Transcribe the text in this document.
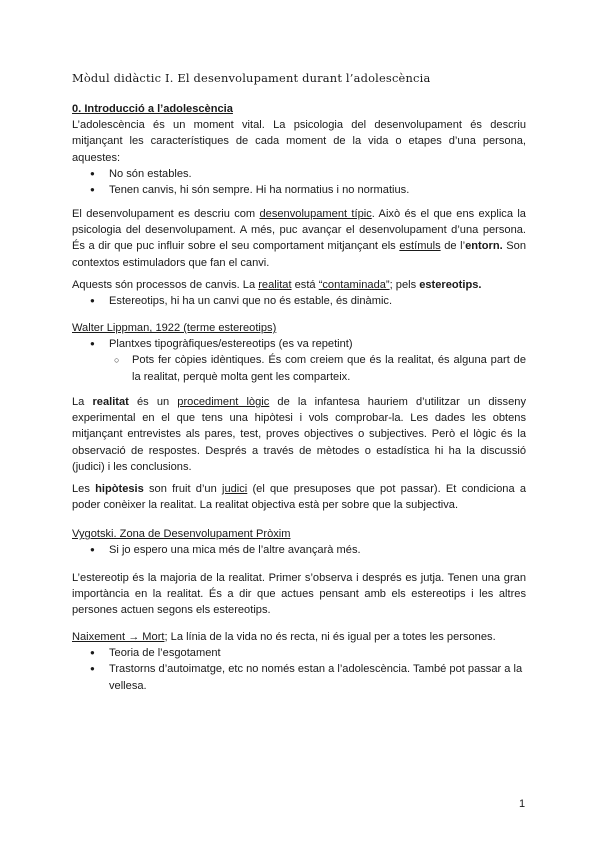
Mòdul didàctic I. El desenvolupament durant l’adolescència

0. Introducció a l’adolescència

L’adolescència és un moment vital. La psicologia del desenvolupament és descriu mitjançant les característiques de cada moment de la vida o etapes d’una persona, aquestes:

● No són estables.
● Tenen canvis, hi són sempre. Hi ha normatius i no normatius.

El desenvolupament es descriu com desenvolupament típic. Això és el que ens explica la psicologia del desenvolupament. A més, puc avançar el desenvolupament d’una persona. És a dir que puc influir sobre el seu comportament mitjançant els estímuls de l’entorn. Son contextos estimuladors que fan el canvi.

Aquests són processos de canvis. La realitat está “contaminada”; pels estereotips.

● Estereotips, hi ha un canvi que no és estable, és dinàmic.

Walter Lippman, 1922 (terme estereotips)

● Plantxes tipogràfiques/estereotips (es va repetint)
○ Pots fer còpies idèntiques. És com creiem que és la realitat, és alguna part de la realitat, perquè molta gent les comparteix.

La realitat és un procediment lògic de la infantesa hauriem d’utilitzar un disseny experimental en el que tens una hipòtesi i vols comprobar-la. Les dades les obtens mitjançant entrevistes als pares, test, proves objectives o subjectives. Però el lògic és la observació de respostes. Després a través de mètodes o estadística hi ha la discussió (judici) i les conclusions.

Les hipòtesis son fruit d’un judici (el que presuposes que pot passar). Et condiciona a poder conèixer la realitat. La realitat objectiva està per sobre que la subjectiva.

Vygotski. Zona de Desenvolupament Pròxim

● Si jo espero una mica més de l’altre avançarà més.

L’estereotip és la majoria de la realitat. Primer s’observa i després es jutja. Tenen una gran importància en la realitat. És a dir que actues pensant amb els estereotips i les altres persones actuen segons els estereotips.

Naixement → Mort; La línia de la vida no és recta, ni és igual per a totes les persones.

● Teoria de l’esgotament
● Trastorns d’autoimatge, etc no només estan a l’adolescència. També pot passar a la vellesa.
1
